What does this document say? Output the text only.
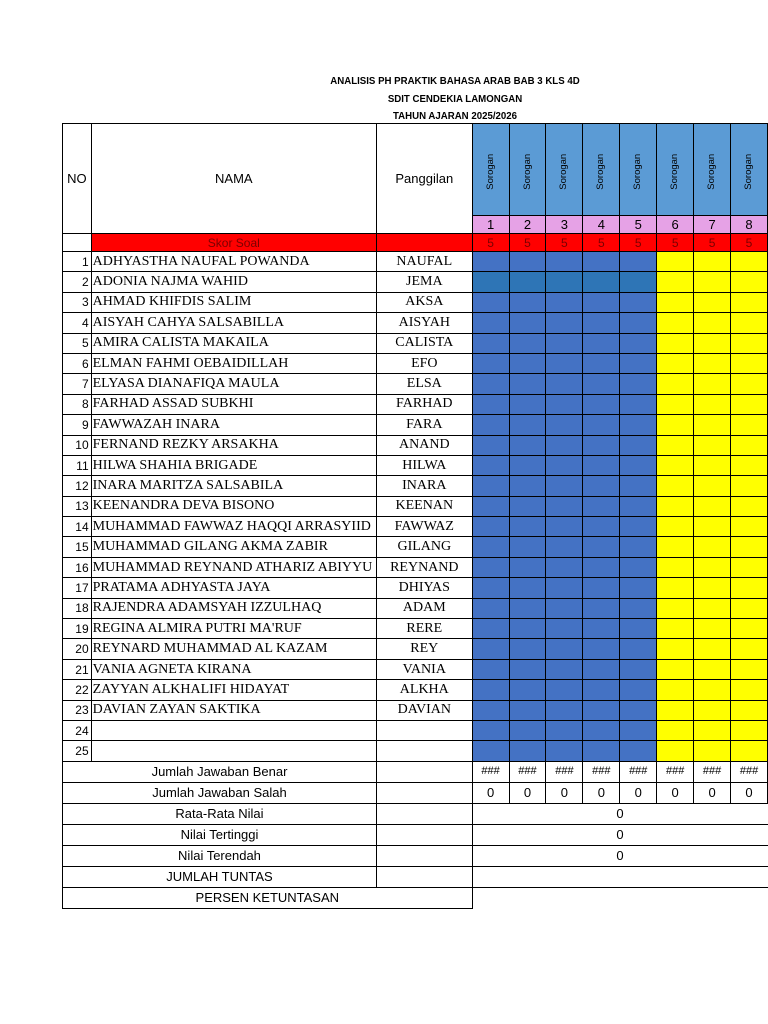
ANALISIS PH PRAKTIK BAHASA ARAB BAB 3 KLS 4D
SDIT CENDEKIA LAMONGAN
TAHUN AJARAN 2025/2026
NO	NAMA	Panggilan	Sorogan	Sorogan	Sorogan	Sorogan	Sorogan	Sorogan	Sorogan	Sorogan
			1	2	3	4	5	6	7	8
	Skor Soal		5	5	5	5	5	5	5	5
1	ADHYASTHA NAUFAL POWANDA	NAUFAL								
2	ADONIA NAJMA WAHID	JEMA								
3	AHMAD KHIFDIS SALIM	AKSA								
4	AISYAH CAHYA SALSABILLA	AISYAH								
5	AMIRA CALISTA MAKAILA	CALISTA								
6	ELMAN FAHMI OEBAIDILLAH	EFO								
7	ELYASA DIANAFIQA MAULA	ELSA								
8	FARHAD ASSAD SUBKHI	FARHAD								
9	FAWWAZAH INARA	FARA								
10	FERNAND REZKY ARSAKHA	ANAND								
11	HILWA SHAHIA BRIGADE	HILWA								
12	INARA MARITZA SALSABILA	INARA								
13	KEENANDRA DEVA BISONO	KEENAN								
14	MUHAMMAD FAWWAZ HAQQI ARRASYIID	FAWWAZ								
15	MUHAMMAD GILANG AKMA ZABIR	GILANG								
16	MUHAMMAD REYNAND ATHARIZ ABIYYU	REYNAND								
17	PRATAMA ADHYASTA JAYA	DHIYAS								
18	RAJENDRA ADAMSYAH IZZULHAQ	ADAM								
19	REGINA ALMIRA PUTRI MA'RUF	RERE								
20	REYNARD MUHAMMAD AL KAZAM	REY								
21	VANIA AGNETA KIRANA	VANIA								
22	ZAYYAN ALKHALIFI HIDAYAT	ALKHA								
23	DAVIAN ZAYAN SAKTIKA	DAVIAN								
24										
25										
Jumlah Jawaban Benar			###	###	###	###	###	###	###	###
Jumlah Jawaban Salah			0	0	0	0	0	0	0	0
Rata-Rata Nilai			0							
Nilai Tertinggi			0							
Nilai Terendah			0							
JUMLAH TUNTAS										
PERSEN KETUNTASAN										
